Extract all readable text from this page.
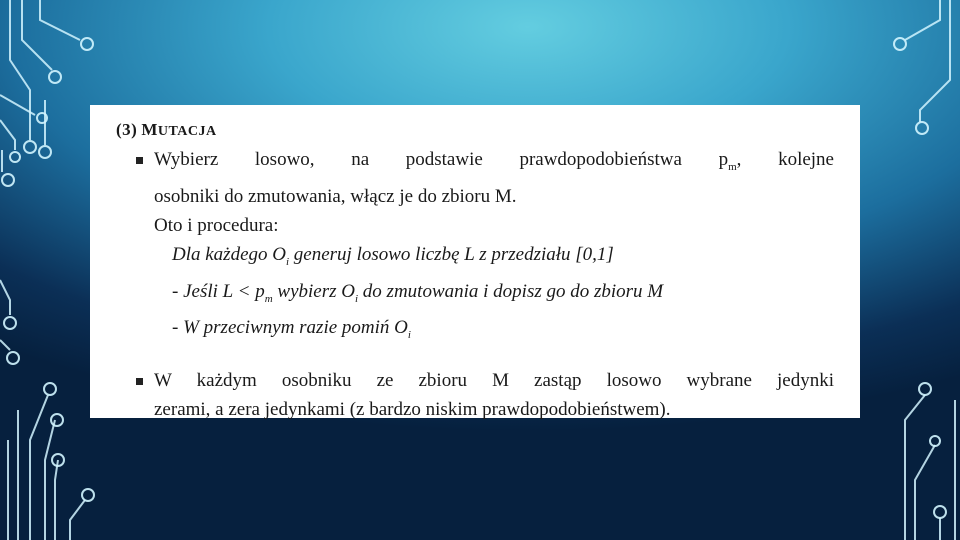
(3) MUTACJA
Wybierz losowo, na podstawie prawdopodobieństwa $p_m$, kolejne
osobniki do zmutowania, włącz je do zbioru M.
Oto i procedura:
Dla każdego $O_i$ generuj losowo liczbę L z przedziału [0,1]
- Jeśli $L < p_m$ wybierz $O_i$ do zmutowania i dopisz go do zbioru M
- W przeciwnym razie pomiń $O_i$
W każdym osobniku ze zbioru M zastąp losowo wybrane jedynki
zerami, a zera jedynkami (z bardzo niskim prawdopodobieństwem).
